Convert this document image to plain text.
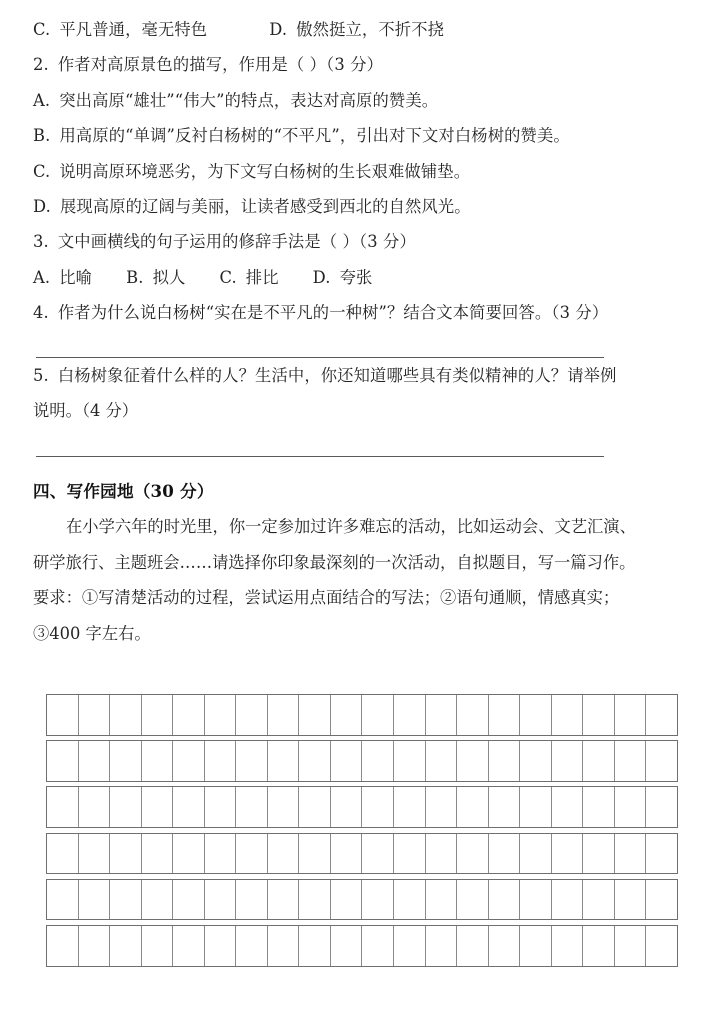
C. 平凡普通，毫无特色	D. 傲然挺立，不折不挠
2. 作者对高原景色的描写，作用是（ ）（3 分）
A. 突出高原“雄壮”“伟大”的特点，表达对高原的赞美。
B. 用高原的“单调”反衬白杨树的“不平凡”，引出对下文对白杨树的赞美。
C. 说明高原环境恶劣，为下文写白杨树的生长艰难做铺垫。
D. 展现高原的辽阔与美丽，让读者感受到西北的自然风光。
3. 文中画横线的句子运用的修辞手法是（ ）（3 分）
A. 比喻 B. 拟人 C. 排比 D. 夸张
4. 作者为什么说白杨树“实在是不平凡的一种树”？结合文本简要回答。（3 分）
5. 白杨树象征着什么样的人？生活中，你还知道哪些具有类似精神的人？请举例
说明。（4 分）
四、写作园地（30 分）
在小学六年的时光里，你一定参加过许多难忘的活动，比如运动会、文艺汇演、
研学旅行、主题班会……请选择你印象最深刻的一次活动，自拟题目，写一篇习作。
要求：①写清楚活动的过程，尝试运用点面结合的写法；②语句通顺，情感真实；
③400 字左右。
